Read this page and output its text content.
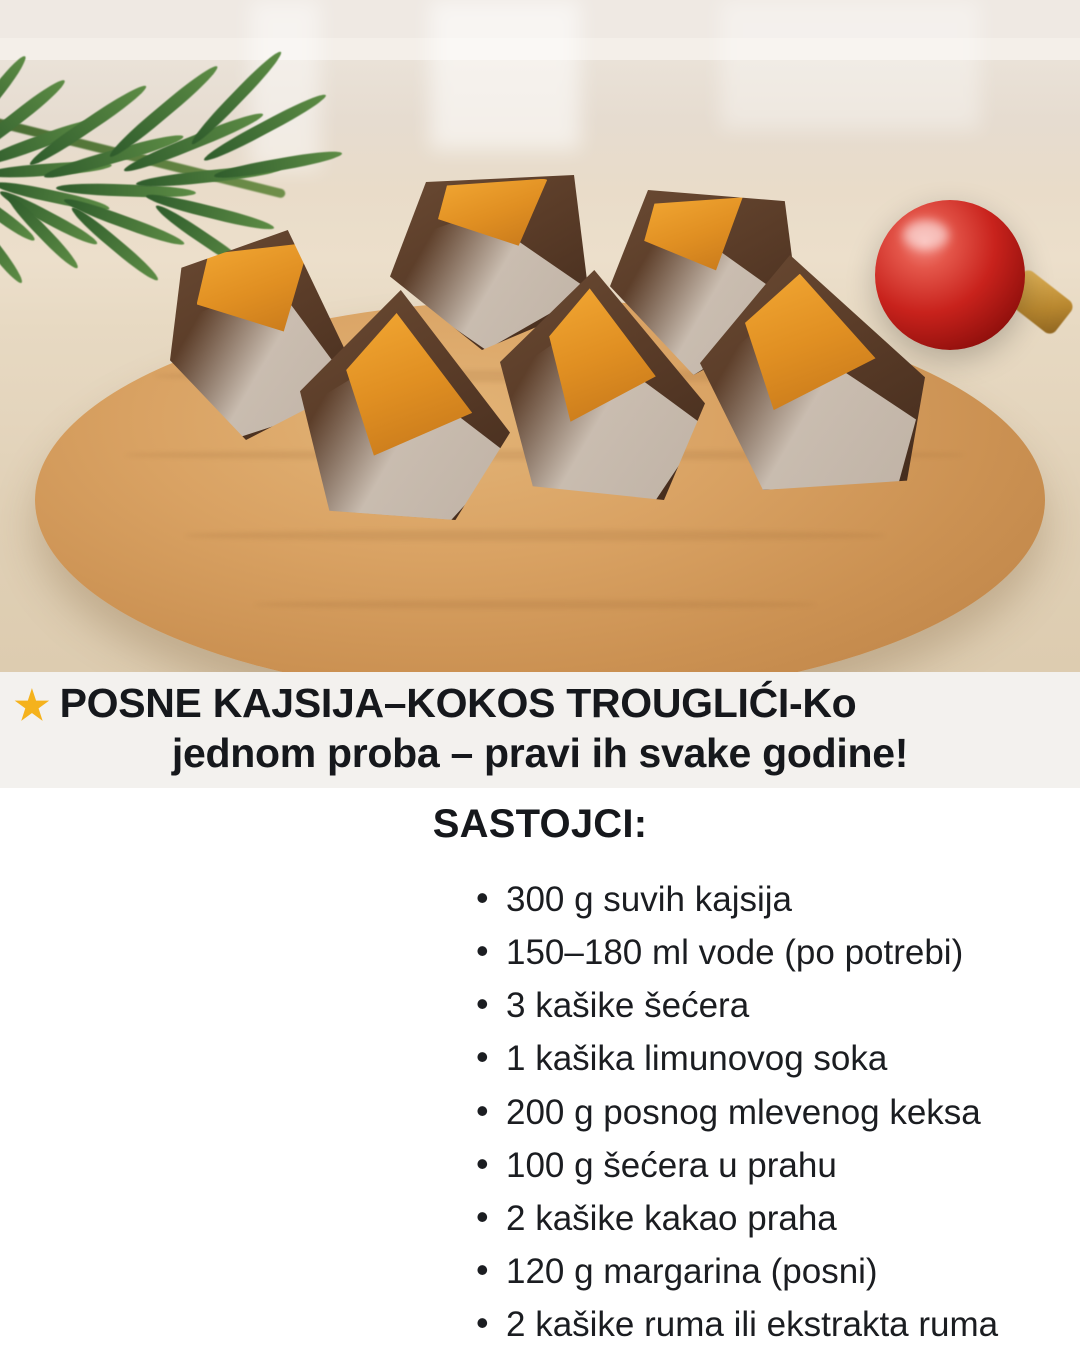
★ POSNE KAJSIJA–KOKOS TROUGLIĆI-Ko
jednom proba – pravi ih svake godine!
SASTOJCI:
• 300 g suvih kajsija
• 150–180 ml vode (po potrebi)
• 3 kašike šećera
• 1 kašika limunovog soka
• 200 g posnog mlevenog keksa
• 100 g šećera u prahu
• 2 kašike kakao praha
• 120 g margarina (posni)
• 2 kašike ruma ili ekstrakta ruma
